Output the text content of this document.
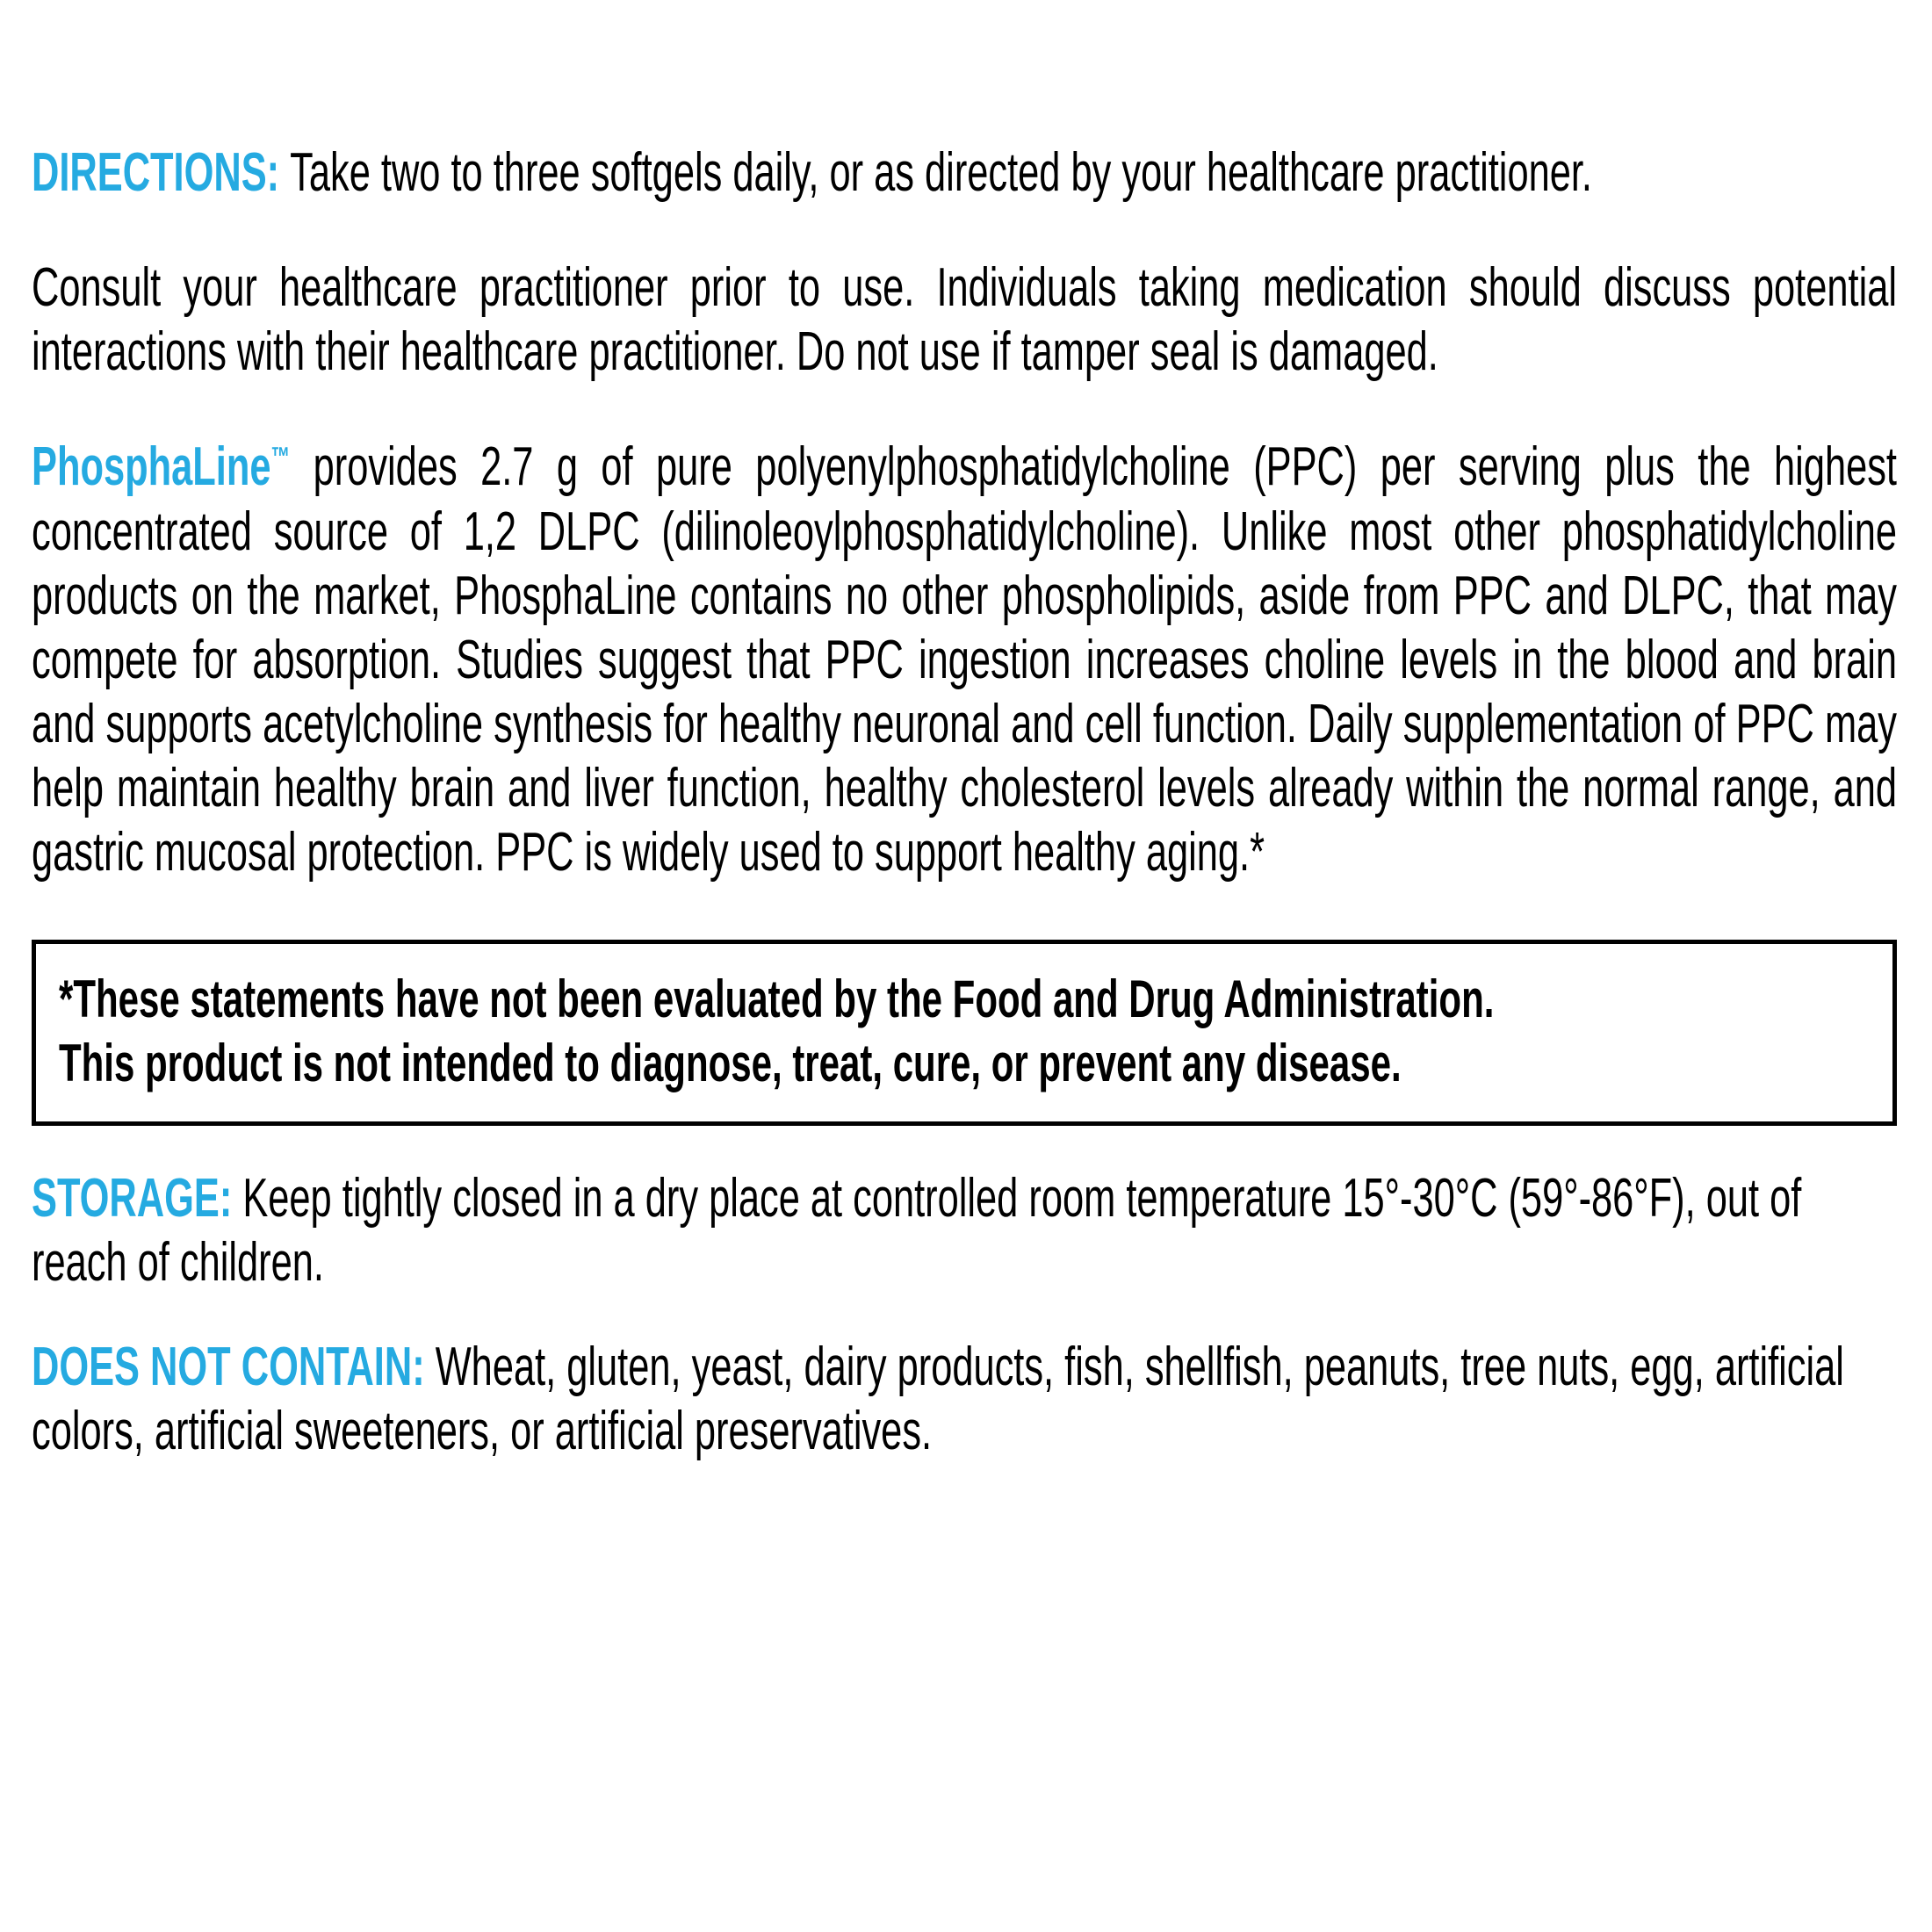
DIRECTIONS: Take two to three softgels daily, or as directed by your healthcare practitioner.
Consult your healthcare practitioner prior to use. Individuals taking medication should discuss potential interactions with their healthcare practitioner. Do not use if tamper seal is damaged.
PhosphaLine™ provides 2.7 g of pure polyenylphosphatidylcholine (PPC) per serving plus the highest concentrated source of 1,2 DLPC (dilinoleoylphosphatidylcholine). Unlike most other phosphatidylcholine products on the market, PhosphaLine contains no other phospholipids, aside from PPC and DLPC, that may compete for absorption. Studies suggest that PPC ingestion increases choline levels in the blood and brain and supports acetylcholine synthesis for healthy neuronal and cell function. Daily supplementation of PPC may help maintain healthy brain and liver function, healthy cholesterol levels already within the normal range, and gastric mucosal protection. PPC is widely used to support healthy aging.*
*These statements have not been evaluated by the Food and Drug Administration.
This product is not intended to diagnose, treat, cure, or prevent any disease.
STORAGE: Keep tightly closed in a dry place at controlled room temperature 15°-30°C (59°-86°F), out of reach of children.
DOES NOT CONTAIN: Wheat, gluten, yeast, dairy products, fish, shellfish, peanuts, tree nuts, egg, artificial colors, artificial sweeteners, or artificial preservatives.
